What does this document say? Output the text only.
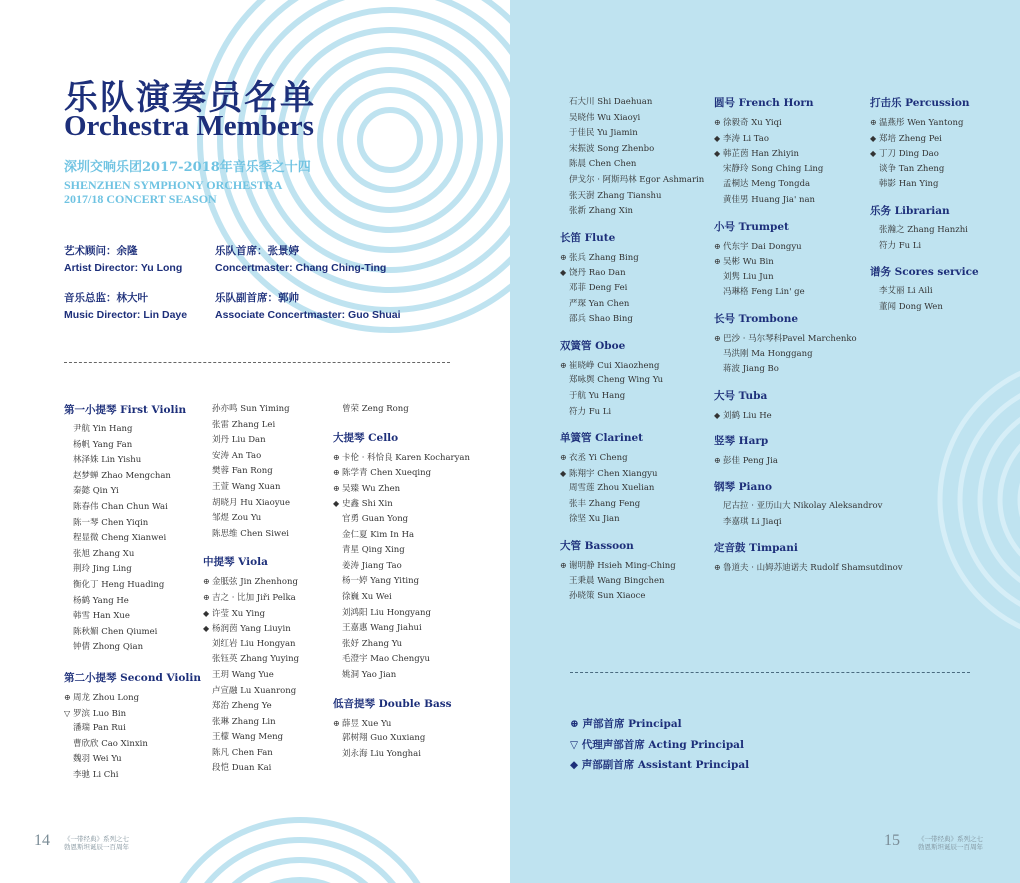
乐队演奏员名单
Orchestra Members
深圳交响乐团2017-2018年音乐季之十四
SHENZHEN SYMPHONY ORCHESTRA
2017/18 CONCERT SEASON
艺术顾问：余隆
Artist Director: Yu Long
音乐总监：林大叶
Music Director: Lin Daye
乐队首席：张景婷
Concertmaster: Chang Ching-Ting
乐队副首席：郭帅
Associate Concertmaster: Guo Shuai
第一小提琴 First Violin
尹航 Yin Hang
杨帆 Yang Fan
林泽姝 Lin Yishu
赵梦蝉 Zhao Mengchan
秦懿 Qin Yi
陈春伟 Chan Chun Wai
陈一琴 Chen Yiqin
程显微 Cheng Xianwei
张旭 Zhang Xu
荆玲 Jing Ling
衡化丁 Heng Huading
杨鹤 Yang He
韩雪 Han Xue
陈秋媚 Chen Qiumei
钟倩 Zhong Qian
第二小提琴 Second Violin
⊕ 周龙 Zhou Long
▽ 罗滨 Luo Bin
潘瑞 Pan Rui
曹欣欣 Cao Xinxin
魏羽 Wei Yu
李驰 Li Chi
孙亦鸣 Sun Yiming
张雷 Zhang Lei
刘丹 Liu Dan
安涛 An Tao
樊蓉 Fan Rong
王萱 Wang Xuan
胡晓月 Hu Xiaoyue
邹煜 Zou Yu
陈思维 Chen Siwei
中提琴 Viola
⊕ 金胝弦 Jin Zhenhong
⊕ 吉之 · 比加 Jiři Pelka
◆ 许莹 Xu Ying
◆ 杨润茵 Yang Liuyin
刘红岩 Liu Hongyan
张钰英 Zhang Yuying
王玥 Wang Yue
卢宣融 Lu Xuanrong
郑治 Zheng Ye
张琳 Zhang Lin
王檬 Wang Meng
陈凡 Chen Fan
段恺 Duan Kai
曾荣 Zeng Rong
大提琴 Cello
⊕ 卡伦 · 科恰良 Karen Kocharyan
⊕ 陈学青 Chen Xueqing
⊕ 吴臻 Wu Zhen
◆ 史鑫 Shi Xin
官勇 Guan Yong
金仁夏 Kim In Ha
青星 Qing Xing
姜涛 Jiang Tao
杨一婷 Yang Yiting
徐巍 Xu Wei
刘鸿阳 Liu Hongyang
王嘉惠 Wang Jiahui
张妤 Zhang Yu
毛澄宇 Mao Chengyu
姚洞 Yao Jian
低音提琴 Double Bass
⊕ 薛昱 Xue Yu
郭树翔 Guo Xuxiang
刘永海 Liu Yonghai
14 《一带经典》系列之七
勃恩斯坦诞辰一百周年
石大川 Shi Daehuan
吴晓伟 Wu Xiaoyi
于佳民 Yu Jiamin
宋振波 Song Zhenbo
陈晨 Chen Chen
伊戈尔 · 阿斯玛林 Egor Ashmarin
张天澍 Zhang Tianshu
张新 Zhang Xin
长笛 Flute
⊕ 张兵 Zhang Bing
◆ 饶丹 Rao Dan
邓菲 Deng Fei
严琛 Yan Chen
邵兵 Shao Bing
双簧管 Oboe
⊕ 崔晓峥 Cui Xiaozheng
郑咏舆 Cheng Wing Yu
于航 Yu Hang
符力 Fu Li
单簧管 Clarinet
⊕ 衣丞 Yi Cheng
◆ 陈翔宇 Chen Xiangyu
周雪莲 Zhou Xuelian
张丰 Zhang Feng
徐坚 Xu Jian
大管 Bassoon
⊕ 谢明静 Hsieh Ming-Ching
王秉晨 Wang Bingchen
孙晓策 Sun Xiaoce
圆号 French Horn
⊕ 徐毅奇 Xu Yiqi
◆ 李涛 Li Tao
◆ 韩芷茵 Han Zhiyin
宋静玲 Song Ching Ling
孟桐达 Meng Tongda
黄佳男 Huang Jia' nan
小号 Trumpet
⊕ 代东宇 Dai Dongyu
⊕ 吴彬 Wu Bin
刘隽 Liu Jun
冯琳格 Feng Lin' ge
长号 Trombone
⊕ 巴沙 · 马尔琴科Pavel Marchenko
马洪刚 Ma Honggang
蒋波 Jiang Bo
大号 Tuba
◆ 刘鹤 Liu He
竖琴 Harp
⊕ 彭佳 Peng Jia
钢琴 Piano
尼古拉 · 亚历山大 Nikolay Aleksandrov
李嘉琪 Li Jiaqi
定音鼓 Timpani
⊕ 鲁道夫 · 山姆苏迪诺夫 Rudolf Shamsutdinov
打击乐 Percussion
⊕ 温燕彤 Wen Yantong
◆ 郑培 Zheng Pei
◆ 丁刀 Ding Dao
谈争 Tan Zheng
韩影 Han Ying
乐务 Librarian
张瀚之 Zhang Hanzhi
符力 Fu Li
谱务 Scores service
李艾丽 Li Aili
董闻 Dong Wen
⊕ 声部首席 Principal
▽ 代理声部首席 Acting Principal
◆ 声部副首席 Assistant Principal
15	《一带经典》系列之七
勃恩斯坦诞辰一百周年
